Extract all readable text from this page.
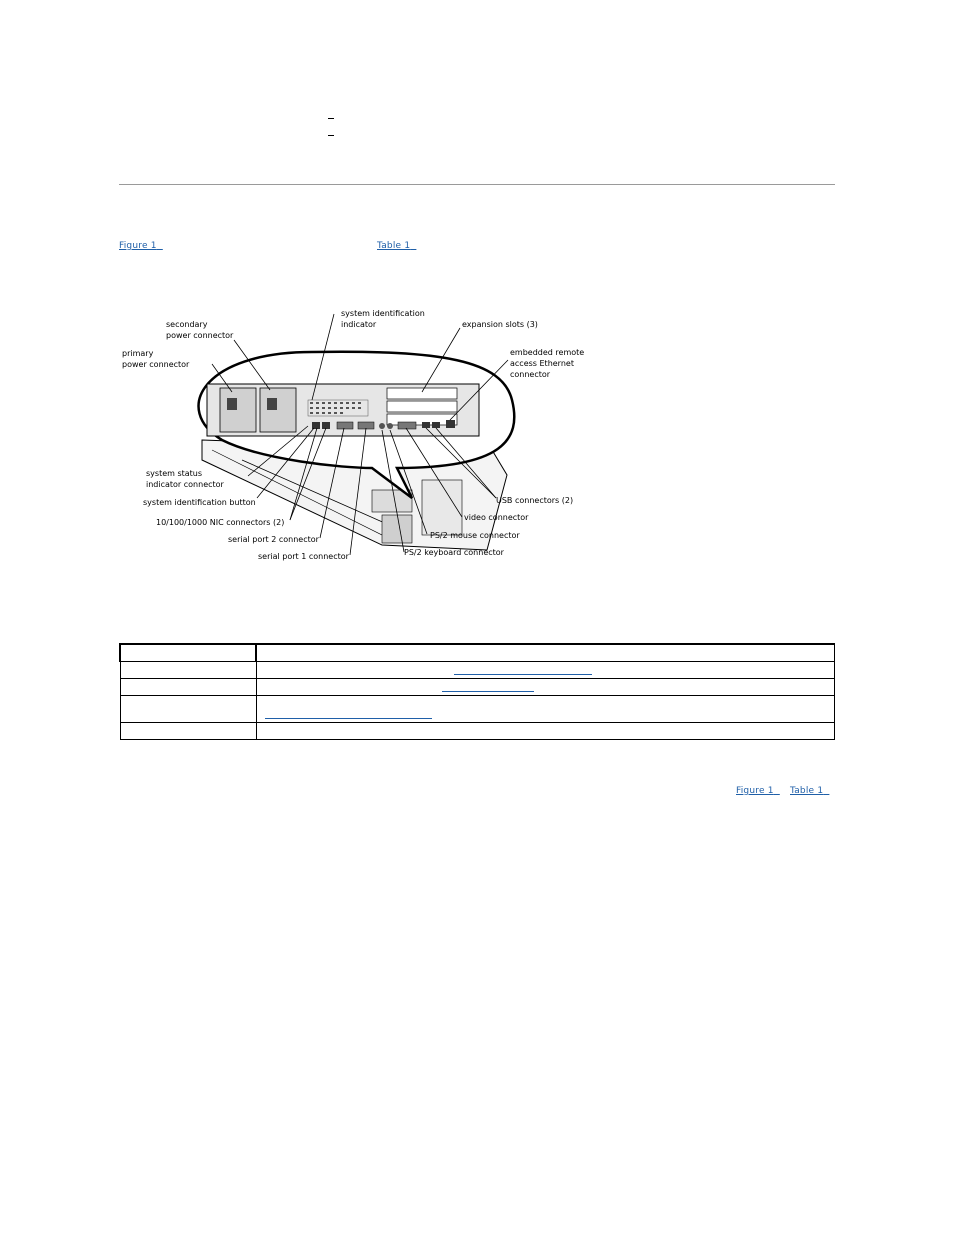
Figure 1	Table 1
secondary
power connector
primary
power connector
system identification
indicator	expansion slots (3)
embedded remote
access Ethernet
connector
system status
indicator connector
system identification button
10/100/1000 NIC connectors (2)
serial port 2 connector
serial port 1 connector
USB connectors (2)
video connector
PS/2 mouse connector
PS/2 keyboard connector

Figure 1	Table 1
